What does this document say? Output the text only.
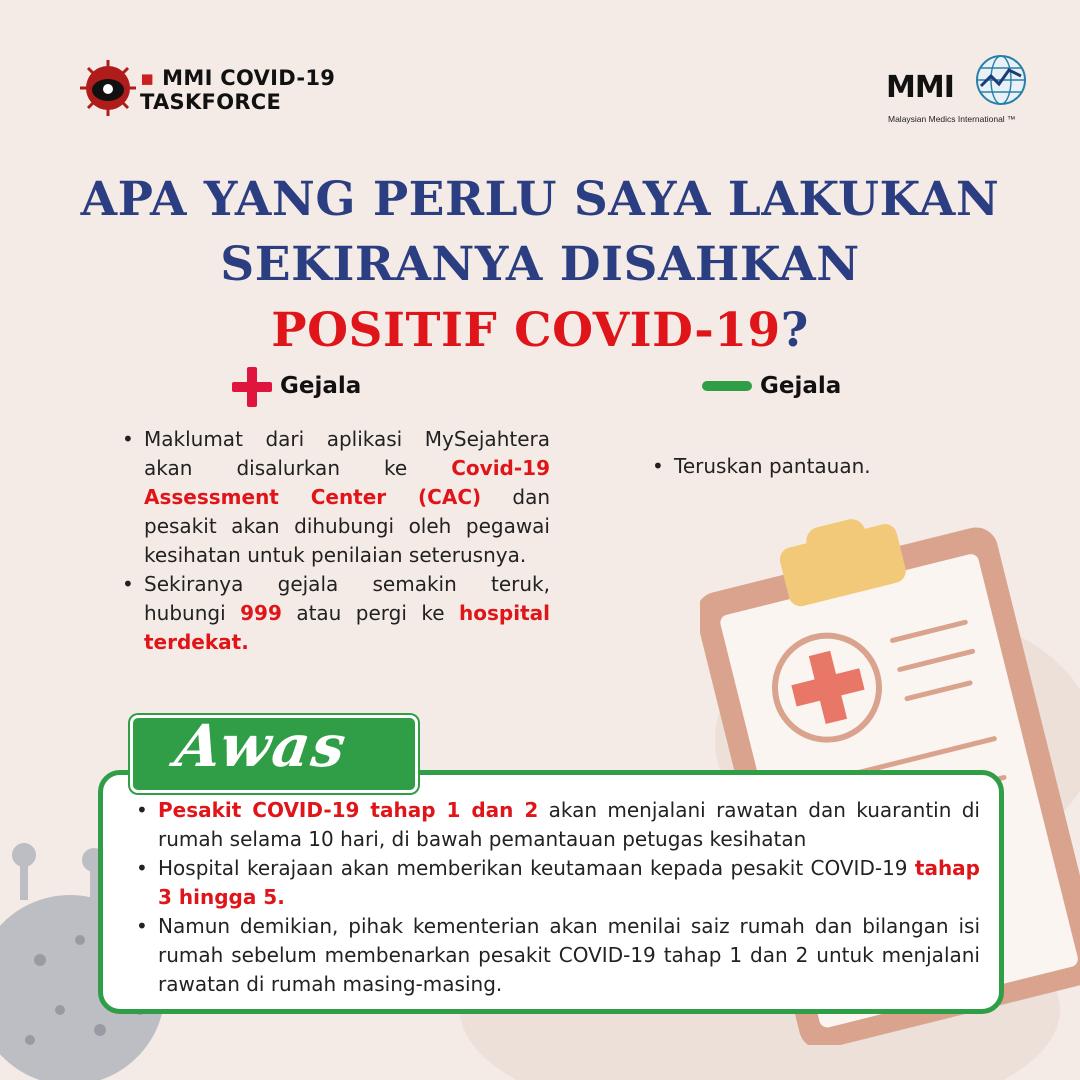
▪ MMI COVID-19
TASKFORCE	MMI
Malaysian Medics International ™
APA YANG PERLU SAYA LAKUKAN
SEKIRANYA DISAHKAN
POSITIF COVID-19?
Gejala
• Maklumat dari aplikasi MySejahtera akan disalurkan ke Covid-19 Assessment Center (CAC) dan pesakit akan dihubungi oleh pegawai kesihatan untuk penilaian seterusnya.
• Sekiranya gejala semakin teruk, hubungi 999 atau pergi ke hospital terdekat.
Gejala
• Teruskan pantauan.
Awas
• Pesakit COVID-19 tahap 1 dan 2 akan menjalani rawatan dan kuarantin di rumah selama 10 hari, di bawah pemantauan petugas kesihatan
• Hospital kerajaan akan memberikan keutamaan kepada pesakit COVID-19 tahap 3 hingga 5.
• Namun demikian, pihak kementerian akan menilai saiz rumah dan bilangan isi rumah sebelum membenarkan pesakit COVID-19 tahap 1 dan 2 untuk menjalani rawatan di rumah masing-masing.
